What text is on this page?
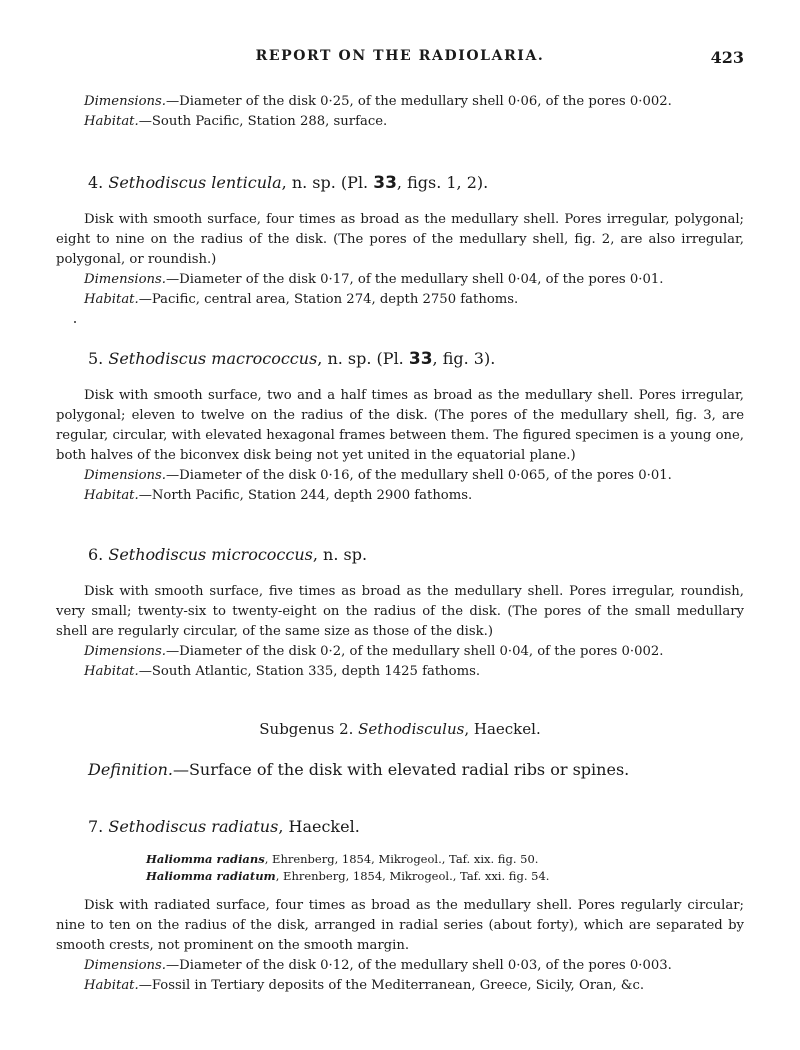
REPORT ON THE RADIOLARIA.	423

Dimensions.—Diameter of the disk 0·25, of the medullary shell 0·06, of the pores 0·002.

Habitat.—South Pacific, Station 288, surface.

4. Sethodiscus lenticula, n. sp. (Pl. 33, figs. 1, 2).

Disk with smooth surface, four times as broad as the medullary shell. Pores irregular, polygonal; eight to nine on the radius of the disk. (The pores of the medullary shell, fig. 2, are also irregular, polygonal, or roundish.)

Dimensions.—Diameter of the disk 0·17, of the medullary shell 0·04, of the pores 0·01.

Habitat.—Pacific, central area, Station 274, depth 2750 fathoms.

5. Sethodiscus macrococcus, n. sp. (Pl. 33, fig. 3).

Disk with smooth surface, two and a half times as broad as the medullary shell. Pores irregular, polygonal; eleven to twelve on the radius of the disk. (The pores of the medullary shell, fig. 3, are regular, circular, with elevated hexagonal frames between them. The figured specimen is a young one, both halves of the biconvex disk being not yet united in the equatorial plane.)

Dimensions.—Diameter of the disk 0·16, of the medullary shell 0·065, of the pores 0·01.

Habitat.—North Pacific, Station 244, depth 2900 fathoms.

6. Sethodiscus micrococcus, n. sp.

Disk with smooth surface, five times as broad as the medullary shell. Pores irregular, roundish, very small; twenty-six to twenty-eight on the radius of the disk. (The pores of the small medullary shell are regularly circular, of the same size as those of the disk.)

Dimensions.—Diameter of the disk 0·2, of the medullary shell 0·04, of the pores 0·002.

Habitat.—South Atlantic, Station 335, depth 1425 fathoms.

Subgenus 2. Sethodisculus, Haeckel.
Definition.—Surface of the disk with elevated radial ribs or spines.
7. Sethodiscus radiatus, Haeckel.
Haliomma radians, Ehrenberg, 1854, Mikrogeol., Taf. xix. fig. 50.
Haliomma radiatum, Ehrenberg, 1854, Mikrogeol., Taf. xxi. fig. 54.

Disk with radiated surface, four times as broad as the medullary shell. Pores regularly circular; nine to ten on the radius of the disk, arranged in radial series (about forty), which are separated by smooth crests, not prominent on the smooth margin.

Dimensions.—Diameter of the disk 0·12, of the medullary shell 0·03, of the pores 0·003.

Habitat.—Fossil in Tertiary deposits of the Mediterranean, Greece, Sicily, Oran, &c.
